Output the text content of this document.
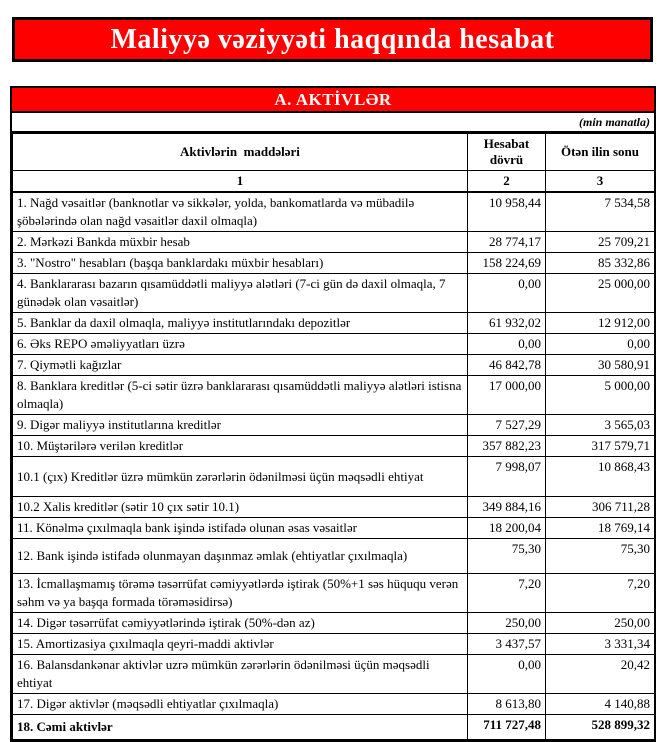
Maliyyə vəziyyəti haqqında hesabat
A. AKTİVLƏR
(min manatla)
Aktivlərin  maddələri	Hesabat dövrü	Ötən ilin sonu
1	2	3
1. Nağd vəsaitlər (banknotlar və sikkələr, yolda, bankomatlarda və mübadilə şöbələrində olan nağd vəsaitlər daxil olmaqla)	10 958,44	7 534,58
2. Mərkəzi Bankda müxbir hesab	28 774,17	25 709,21
3. "Nostro" hesabları (başqa banklardakı müxbir hesabları)	158 224,69	85 332,86
4. Banklararası bazarın qısamüddətli maliyyə alətləri (7-ci gün də daxil olmaqla, 7 günədək olan vəsaitlər)	0,00	25 000,00
5. Banklar da daxil olmaqla, maliyyə institutlarındakı depozitlər	61 932,02	12 912,00
6. Əks REPO əməliyyatları üzrə	0,00	0,00
7. Qiymətli kağızlar	46 842,78	30 580,91
8. Banklara kreditlər (5-ci sətir üzrə banklararası qısamüddətli maliyyə alətləri istisna olmaqla)	17 000,00	5 000,00
9. Digər maliyyə institutlarına kreditlər	7 527,29	3 565,03
10. Müştərilərə verilən kreditlər	357 882,23	317 579,71
10.1 (çıx) Kreditlər üzrə mümkün zərərlərin ödənilməsi üçün məqsədli ehtiyat	7 998,07	10 868,43
10.2 Xalis kreditlər (sətir 10 çıx sətir 10.1)	349 884,16	306 711,28
11. Könəlmə çıxılmaqla bank işində istifadə olunan əsas vəsaitlər	18 200,04	18 769,14
12. Bank işində istifadə olunmayan daşınmaz əmlak (ehtiyatlar çıxılmaqla)	75,30	75,30
13. İcmallaşmamış törəmə təsərrüfat cəmiyyətlərdə iştirak (50%+1 səs hüququ verən səhm və ya başqa formada törəməsidirsə)	7,20	7,20
14. Digər təsərrüfat cəmiyyətlərində iştirak (50%-dən az)	250,00	250,00
15. Amortizasiya çıxılmaqla qeyri-maddi aktivlər	3 437,57	3 331,34
16. Balansdankənar aktivlər uzrə mümkün zərərlərin ödənilməsi üçün məqsədli ehtiyat	0,00	20,42
17. Digər aktivlər (məqsədli ehtiyatlar çıxılmaqla)	8 613,80	4 140,88
18. Cəmi aktivlər	711 727,48	528 899,32
